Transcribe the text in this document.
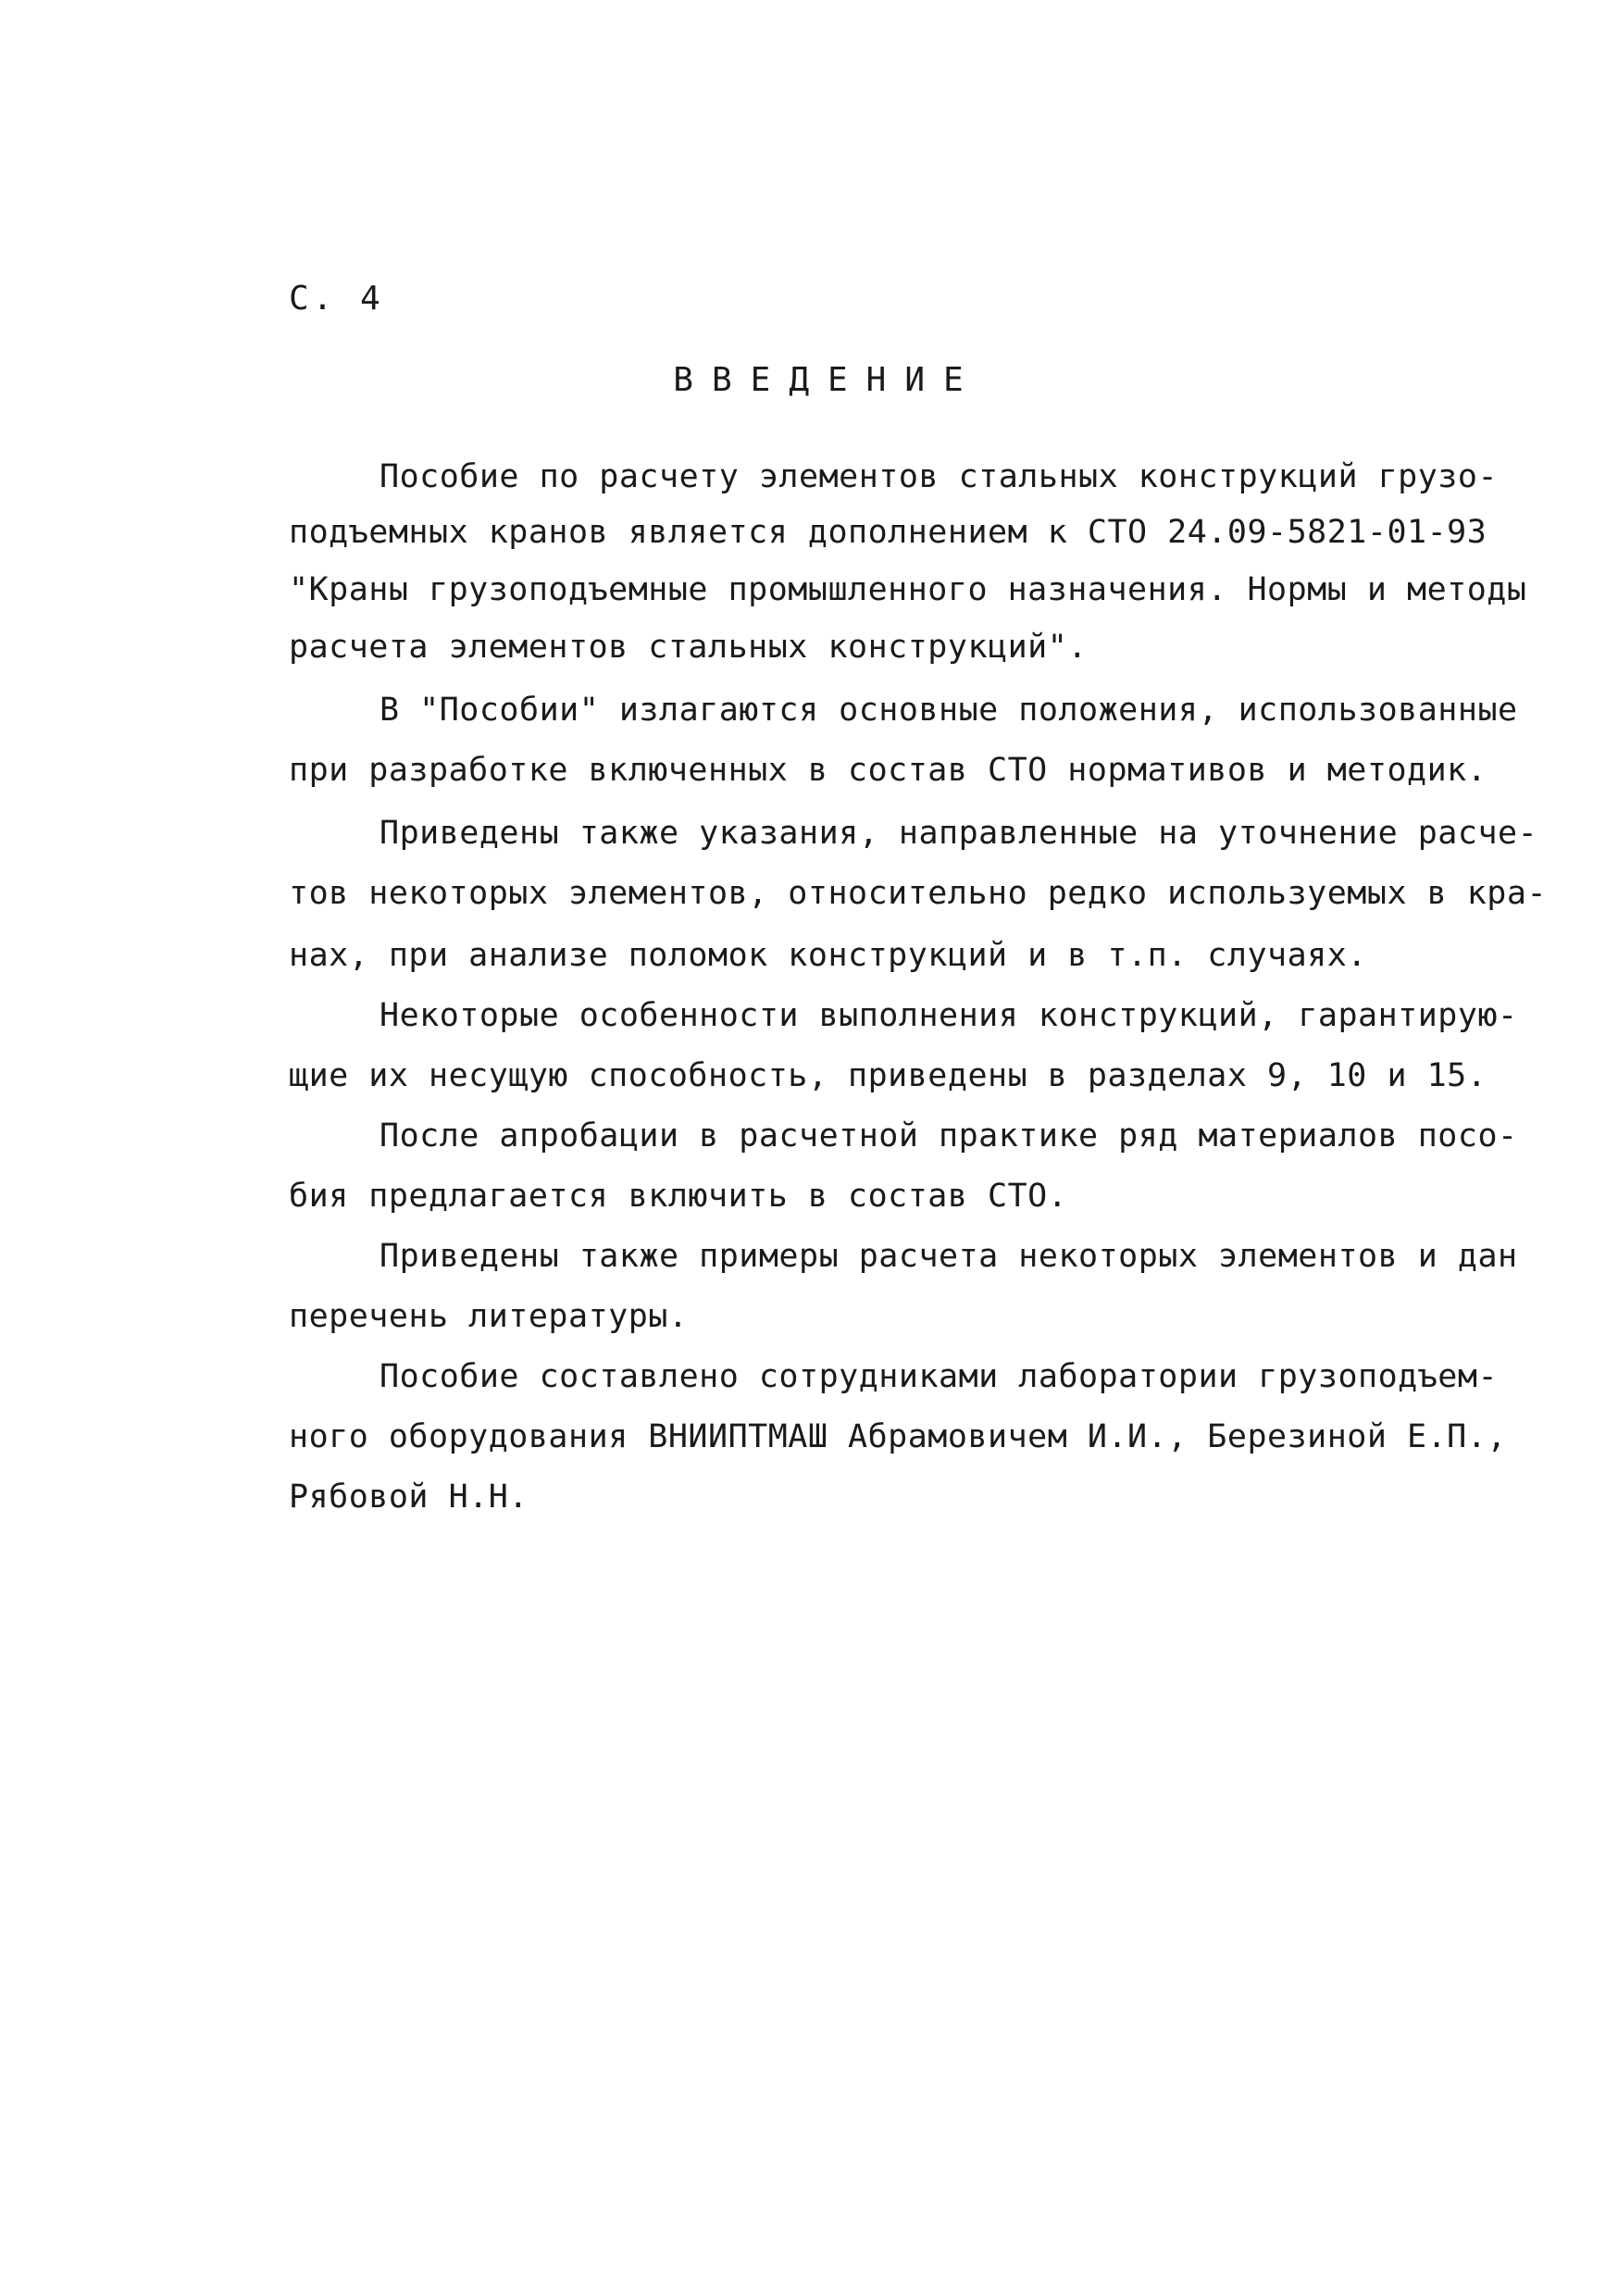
С. 4
ВВЕДЕНИЕ
Пособие по расчету элементов стальных конструкций грузо-
подъемных кранов является дополнением к СТО 24.09-5821-01-93
"Краны грузоподъемные промышленного назначения. Нормы и методы
расчета элементов стальных конструкций".
В "Пособии" излагаются основные положения, использованные
при разработке включенных в состав СТО нормативов и методик.
Приведены также указания, направленные на уточнение расче-
тов некоторых элементов, относительно редко используемых в кра-
нах, при анализе поломок конструкций и в т.п. случаях.
Некоторые особенности выполнения конструкций, гарантирую-
щие их несущую способность, приведены в разделах 9, 10 и 15.
После апробации в расчетной практике ряд материалов посо-
бия предлагается включить в состав СТО.
Приведены также примеры расчета некоторых элементов и дан
перечень литературы.
Пособие составлено сотрудниками лаборатории грузоподъем-
ного оборудования ВНИИПТМАШ Абрамовичем И.И., Березиной Е.П.,
Рябовой Н.Н.
